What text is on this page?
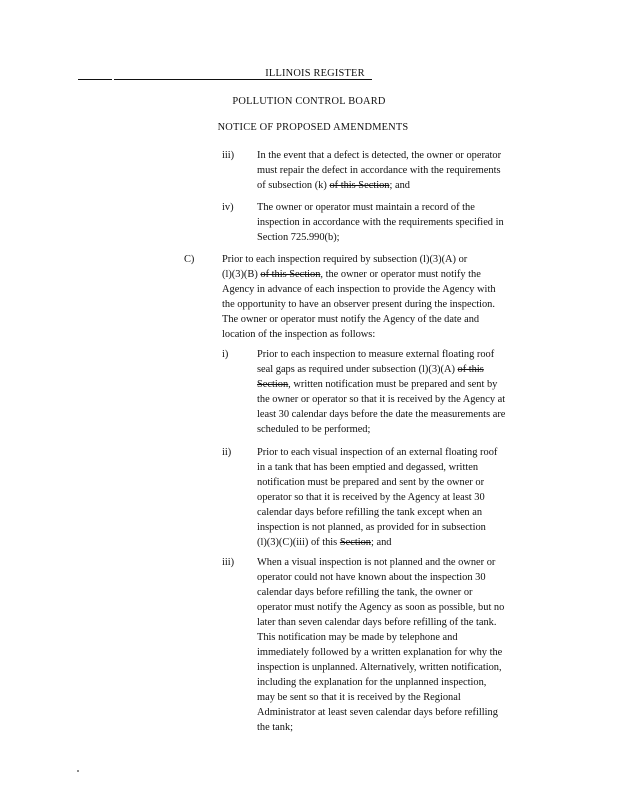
ILLINOIS REGISTER
POLLUTION CONTROL BOARD
NOTICE OF PROPOSED AMENDMENTS
iii) In the event that a defect is detected, the owner or operator
must repair the defect in accordance with the requirements
of subsection (k) of this Section; and
iv) The owner or operator must maintain a record of the
inspection in accordance with the requirements specified in
Section 725.990(b);
C)	Prior to each inspection required by subsection (l)(3)(A) or
(l)(3)(B) of this Section, the owner or operator must notify the
Agency in advance of each inspection to provide the Agency with
the opportunity to have an observer present during the inspection.
The owner or operator must notify the Agency of the date and
location of the inspection as follows:
i)	Prior to each inspection to measure external floating roof
seal gaps as required under subsection (l)(3)(A) of this
Section, written notification must be prepared and sent by
the owner or operator so that it is received by the Agency at
least 30 calendar days before the date the measurements are
scheduled to be performed;
ii) Prior to each visual inspection of an external floating roof
in a tank that has been emptied and degassed, written
notification must be prepared and sent by the owner or
operator so that it is received by the Agency at least 30
calendar days before refilling the tank except when an
inspection is not planned, as provided for in subsection
(l)(3)(C)(iii) of this Section; and
iii) When a visual inspection is not planned and the owner or
operator could not have known about the inspection 30
calendar days before refilling the tank, the owner or
operator must notify the Agency as soon as possible, but no
later than seven calendar days before refilling of the tank.
This notification may be made by telephone and
immediately followed by a written explanation for why the
inspection is unplanned. Alternatively, written notification,
including the explanation for the unplanned inspection,
may be sent so that it is received by the Regional
Administrator at least seven calendar days before refilling
the tank;
